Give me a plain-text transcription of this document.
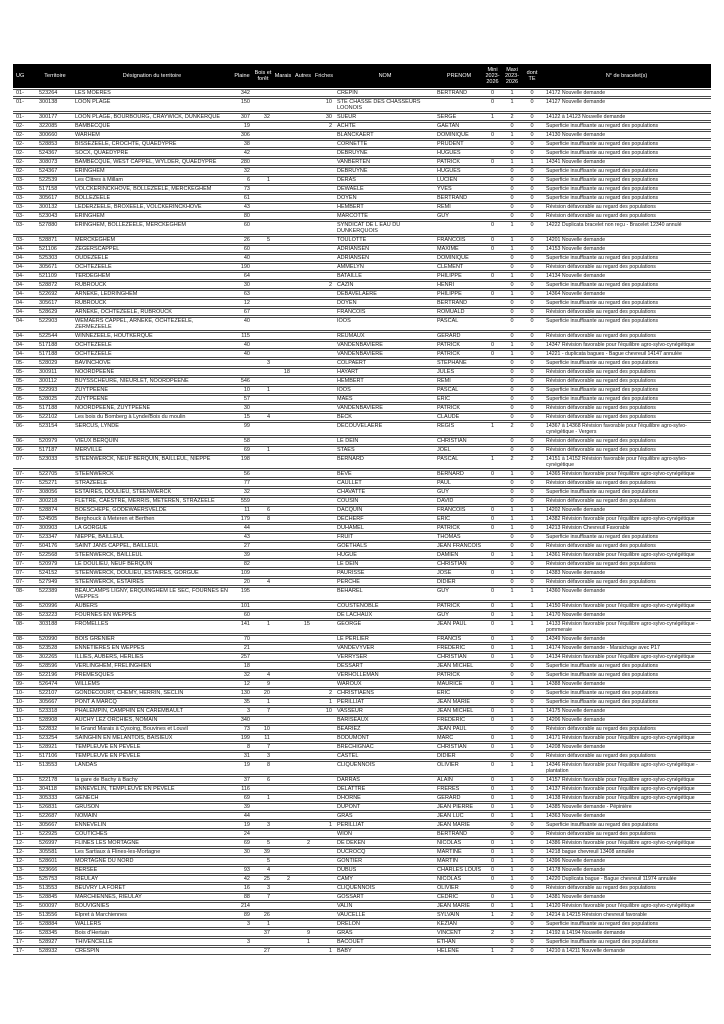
UG	Territoire	Désignation du territoire	Plaine	Bois et forêt	Marais	Autres	Friches	NOM	PRENOM	Mini 2023- 2026	Maxi 2023- 2026	dont TE	N° de bracelet(s)
01-	523264	LES MOERES	342					CREPIN	BERTRAND	0	1	0	14172 Nouvelle demande
01-	300138	LOON PLAGE	150				10	STE CHASSE DES CHASSEURS LOONOIS		0	1	0	14127 Nouvelle demande
01-	300177	LOON PLAGE, BOURBOURG, CRAYWICK, DUNKERQUE	307	32			30	SUEUR	SERGE	1	2	0	14122 à 14123 Nouvelle demande
02-	322085	BAMBECQUE	19				2	ACHTE	GAETAN		0	0	Superficie insuffisante au regard des populations
02-	300660	WARHEM	306					BLANCKAERT	DOMINIQUE	0	1	0	14130 Nouvelle demande
02-	528853	BISSEZEELE, CROCHTE, QUAEDYPRE	38					CORNETTE	PRUDENT		0	0	Superficie insuffisante au regard des populations
02-	524367	SOCX, QUAEDYPRE	42					DEBRUYNE	HUGUES		0	0	Superficie insuffisante au regard des populations
02-	308073	BAMBECQUE, WEST CAPPEL, WYLDER, QUAEDYPRE	280					VANBERTEN	PATRICK	0	1	1	14341 Nouvelle demande
02-	524367	ERINGHEM	32					DEBRUYNE	HUGUES		0	0	Superficie insuffisante au regard des populations
03-	522539	Les Clitres à Millam	6	1				DERAS	LUCIEN		0	0	Superficie insuffisante au regard des populations
03-	517158	VOLCKERINCKHOVE, BOLLEZEELE, MERCKEGHEM	73					DEWAELE	YVES		0	0	Superficie insuffisante au regard des populations
03-	305617	BOLLEZEELE	61					DOYEN	BERTRAND		0	0	Superficie insuffisante au regard des populations
03-	300132	LEDERZEELE, BROXEELE, VOLCKERINCKHOVE	43					HEMBERT	REMI		0	0	Révision défavorable au regard des populations
03-	523043	ERINGHEM	80					MARCOTTE	GUY		0	0	Révision défavorable au regard des populations
03-	527880	ERINGHEM, BOLLEZEELE, MERCKEGHEM	60					SYNDICAT DE L EAU DU DUNKERQUOIS		0	1	0	14222 Duplicata bracelet non reçu - Bracelet 12340 annulé
03-	528871	MERCKEGHEM	26	5				TOULOTTE	FRANCOIS	0	1	0	14201 Nouvelle demande
04-	521106	ZEGERSCAPPEL	60					ADRIANSEN	MAXIME	0	1	0	14153 Nouvelle demande
04-	525303	OUDEZEELE	40					ADRIANSEN	DOMINIQUE		0	0	Superficie insuffisante au regard des populations
04-	305671	OCHTEZEELE	190					AMMELYN	CLEMENT		0	0	Révision défavorable au regard des populations
04-	521109	TERDEGHEM	64					BATAILLE	PHILIPPE	0	1	0	14134 Nouvelle demande
04-	528872	RUBROUCK	30				2	CAZIN	HENRI		0	0	Superficie insuffisante au regard des populations
04-	522692	ARNEKE, LEDRINGHEM	63					DEBAVELAERE	PHILIPPE	0	1	0	14364 Nouvelle demande
04-	305617	RUBROUCK	12					DOYEN	BERTRAND		0	0	Superficie insuffisante au regard des populations
04-	528629	ARNEKE, OCHTEZEELE, RUBROUCK	67					FRANCOIS	ROMUALD		0	0	Révision défavorable au regard des populations
04-	522903	WEMAERS CAPPEL, ARNEKE, OCHTEZEELE, ZERMEZEELE	40					IOOS	PASCAL		0	0	Superficie insuffisante au regard des populations
04-	522544	WINNEZEELE, HOUTKERQUE	115					REUMAUX	GERARD		0	0	Révision défavorable au regard des populations
04-	517188	OCHTEZEELE	40					VANDENBAVIERE	PATRICK	0	1	0	14347 Révision favorable pour l'équilibre agro-sylvo-cynégétique
04-	517188	OCHTEZEELE	40					VANDENBAVIERE	PATRICK	0	1	0	14221 - duplicata bagues - Bague chevreuil 14147 annulée
05-	528029	BAVINCHOVE		3				COLPAERT	STEPHANE		0	0	Superficie insuffisante au regard des populations
05-	300911	NOORDPEENE			18			HAYART	JULES		0	0	Révision défavorable au regard des populations
05-	300112	BUYSSCHEURE, NIEURLET, NOORDPEENE	546					HEMBERT	REMI		0	0	Révision défavorable au regard des populations
05-	522993	ZUYTPEENE	10	1				IOOS	PASCAL		0	0	Superficie insuffisante au regard des populations
05-	528025	ZUYTPEENE	57					MAES	ERIC		0	0	Superficie insuffisante au regard des populations
05-	517188	NOORDPEENE, ZUYTPEENE	30					VANDENBAVIERE	PATRICK		0	0	Révision défavorable au regard des populations
06-	522102	Les bois du Bomberg à Lynde/Bois du moulin	15	4				BECK	CLAUDE		0	0	Révision défavorable au regard des populations
06-	523154	SERCUS, LYNDE	99					DECOUVELAERE	REGIS	1	2	0	14367 à 14368 Révision favorable pour l'équilibre agro-sylvo-cynégétique - Vergers
06-	520979	VIEUX BERQUIN	58					LE DEIN	CHRISTIAN		0	0	Révision défavorable au regard des populations
06-	517187	MERVILLE	69	1				STAES	JOEL		0	0	Révision défavorable au regard des populations
07-	523033	STEENWERCK, NEUF BERQUIN, BAILLEUL, NIEPPE	198					BERNARD	PASCAL	1	2	2	14151 à 14152 Révision favorable pour l'équilibre agro-sylvo-cynégétique
07-	522705	STEENWERCK	56					BEVE	BERNARD	0	1	0	14365 Révision favorable pour l'équilibre agro-sylvo-cynégétique
07-	525271	STRAZEELE	77					CAULLET	PAUL		0	0	Révision défavorable au regard des populations
07-	308056	ESTAIRES, DOULIEU, STEENWERCK	32					CHAVATTE	GUY		0	0	Superficie insuffisante au regard des populations
07-	300218	FLETRE, CAESTRE, MERRIS, METEREN, STRAZEELE	559					COUSIN	DAVID		0	0	Révision défavorable au regard des populations
07-	528874	BOESCHEPE, GODEWAERSVELDE	11	6				DACQUIN	FRANCOIS	0	1	1	14202 Nouvelle demande
07-	524505	Berghouck à Meteren et Berthen	179	8				DECHERF	ERIC	0	1	1	14382 Révision favorable pour l'équilibre agro-sylvo-cynégétique
07-	300903	LA GORGUE	44					DUHAMEL	PATRICK	0	1	0	14213 Révision Chevreuil Favorable
07-	523347	NIEPPE, BAILLEUL	43					FRUIT	THOMAS		0	0	Superficie insuffisante au regard des populations
07-	504176	SAINT JANS CAPPEL, BAILLEUL	27					GOETHALS	JEAN FRANCOIS		0	0	Révision défavorable au regard des populations
07-	522568	STEENWERCK, BAILLEUL	39					HUGUE	DAMIEN	0	1	1	14361 Révision favorable pour l'équilibre agro-sylvo-cynégétique
07-	520979	LE DOULIEU, NEUF BERQUIN	82					LE DEIN	CHRISTIAN		0	0	Révision défavorable au regard des populations
07-	524152	STEENWERCK, DOULIEU, ESTAIRES, GORGUE	109					PAURISSE	JOSE	0	1	0	14383 Nouvelle demande
07-	527949	STEENWERCK, ESTAIRES	20	4				PERCHE	DIDIER		0	0	Révision défavorable au regard des populations
08-	522389	BEAUCAMPS LIGNY, ERQUINGHEM LE SEC, FOURNES EN WEPPES	195					BEHAREL	GUY	0	1	1	14360 Nouvelle demande
08-	520996	AUBERS	101					COUSTENOBLE	PATRICK	0	1	1	14150 Révision favorable pour l'équilibre agro-sylvo-cynégétique
08-	523223	FOURNES EN WEPPES	60					DE LACHAUX	GUY	0	1	1	14170 Nouvelle demande
08-	303188	FROMELLES	141	1		15		GEORGE	JEAN PAUL	0	1	1	14133 Révision favorable pour l'équilibre agro-sylvo-cynégétique - pommeraie
08-	520990	BOIS GRENIER	70					LE PERLIER	FRANCIS	0	1	0	14349 Nouvelle demande
08-	523528	ENNETIERES EN WEPPES	21					VANDEVYVER	FREDERIC	0	1	1	14174 Nouvelle demande - Maraichage avec P17
08-	302265	ILLIES, AUBERS, HERLIES	257					VERRYSER	CHRISTIAN	0	1	0	14134 Révision favorable pour l'équilibre agro-sylvo-cynégétique
09-	528596	VERLINGHEM, FRELINGHIEN	18					DESSART	JEAN MICHEL		0	0	Superficie insuffisante au regard des populations
09-	522196	PREMESQUES	32	4				VERHOLLEMAN	PATRICK		0	0	Superficie insuffisante au regard des populations
09-	526474	WILLEMS	12	9				WAROUX	MAURICE	0	1	1	14388 Nouvelle demande
10-	522107	GONDECOURT, CHEMY, HERRIN, SECLIN	130	20			2	CHRISTIAENS	ERIC		0	0	Superficie insuffisante au regard des populations
10-	305667	PONT A MARCQ	35	1			1	PERILLIAT	JEAN MARIE		0	0	Superficie insuffisante au regard des populations
10-	523318	PHALEMPIN, CAMPHIN EN CAREMBAULT	3	7			10	VASSEUR	JEAN MICHEL	0	1	1	14175 Nouvelle demande
11-	528908	AUCHY LEZ ORCHIES, NOMAIN	340					BARISEAUX	FREDERIC	0	1	0	14206 Nouvelle demande
11-	522832	le Grand Marais à Cysoing, Bouvines et Louvil	73	10				BEARIEZ	JEAN PAUL		0	0	Révision défavorable au regard des populations
11-	523254	SAINGHIN EN MELANTOIS, BAISIEUX	199	11				BODUMONT	MARC	0	1	0	14171 Révision favorable pour l'équilibre agro-sylvo-cynégétique
11-	528921	TEMPLEUVE EN PEVELE	8	7				BRECHIGNAC	CHRISTIAN	0	1	0	14208 Nouvelle demande
11-	517106	TEMPLEUVE EN PEVELE	31	3				CASTEL	DIDIER		0	0	Révision défavorable au regard des populations
11-	513553	LANDAS	19	8				CLIQUENNOIS	OLIVIER	0	1	1	14346 Révision favorable pour l'équilibre agro-sylvo-cynégétique - plantation
11-	522178	la gare de Bachy à Bachy	37	6				DARRAS	ALAIN	0	1	0	14157 Révision favorable pour l'équilibre agro-sylvo-cynégétique
11-	304118	ENNEVELIN, TEMPLEUVE EN PEVELE	116					DELATTRE	FRERES	0	1	0	14137 Révision favorable pour l'équilibre agro-sylvo-cynégétique
11-	305333	GENECH	69	1				DHORNE	GERARD	0	1	0	14138 Révision favorable pour l'équilibre agro-sylvo-cynégétique
11-	526831	GRUSON	39					DUPONT	JEAN PIERRE	0	1	0	14385 Nouvelle demande - Pépinière
11-	522687	NOMAIN	44					GRAS	JEAN LUC	0	1	1	14363 Nouvelle demande
11-	305667	ENNEVELIN	19	3			1	PERILLIAT	JEAN MARIE		0	0	Superficie insuffisante au regard des populations
11-	522925	COUTICHES	24					WION	BERTRAND		0	0	Révision défavorable au regard des populations
12-	526997	FLINES LES MORTAGNE	69	5		2		DE DEKEN	NICOLAS	0	1	0	14386 Révision favorable pour l'équilibre agro-sylvo-cynégétique
12-	305581	Les Sartiaux à Flines-les-Mortagne	30	39				DUCROCQ	MARTINE	0	1	0	14218 bague chevreuil 13408 annulée
12-	528601	MORTAGNE DU NORD		5				GONTIER	MARTIN	0	1	0	14396 Nouvelle demande
13-	523666	BERSEE	93	4				DUBUS	CHARLES LOUIS	0	1	0	14178 Nouvelle demande
15-	525753	RIEULAY	42	25	2			CAMY	NICOLAS	0	1	0	14220 Duplicata bague - Bague chevreuil 11974 annulée
15-	513553	BEUVRY LA FORET	16	3				CLIQUENNOIS	OLIVIER		0	0	Révision défavorable au regard des populations
15-	528845	MARCHIENNES, RIEULAY	88	7				GOSSART	CEDRIC	0	1	0	14381 Nouvelle demande
15-	500097	BOUVIGNIES	214					VALIN	JEAN MARIE	0	1	1	14120 Révision favorable pour l'équilibre agro-sylvo-cynégétique
15-	513556	Elpret à Marchiennes	89	26				VAUCELLE	SYLVAIN	1	2	0	14214 à 14215 Révision chevreuil favorable
16-	528884	WALLERS	3	1				DRELON	KEZIAN		0	0	Superficie insuffisante au regard des populations
16-	528345	Bois d'Hertain		37		9		GRAS	VINCENT	2	3	2	14192 à 14194 Nouvelle demande
17-	528927	THIVENCELLE	3			1		BACOUET	ETHAN		0	0	Superficie insuffisante au regard des populations
17-	528932	CRESPIN		27			1	BABY	HELENE	1	2	0	14210 à 14211 Nouvelle demande
